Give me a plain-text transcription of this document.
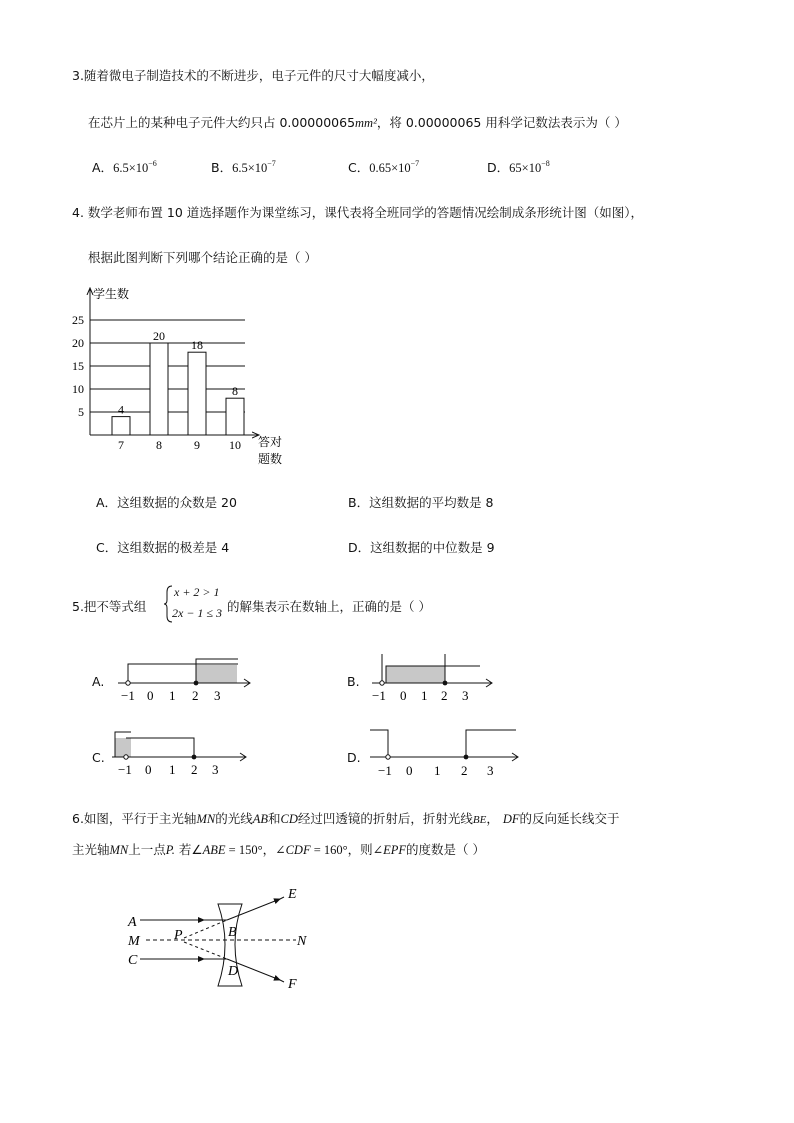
3.随着微电子制造技术的不断进步，电子元件的尺寸大幅度减小，
在芯片上的某种电子元件大约只占 0.00000065mm²，将 0.00000065 用科学记数法表示为（ ）
A．$6.5\times 10^{-6}$	B．$6.5\times 10^{-7}$	C．$0.65\times 10^{-7}$	D．$65\times 10^{-8}$
4. 数学老师布置 10 道选择题作为课堂练习，课代表将全班同学的答题情况绘制成条形统计图（如图），
根据此图判断下列哪个结论正确的是（ ）
5
10
15
20
25
4
7
20
8
18
9
8
10
学生数
答对
题数
A．这组数据的众数是 20	B．这组数据的平均数是 8
C．这组数据的极差是 4	D．这组数据的中位数是 9
5.把不等式组
x + 2 > 1
2x − 1 ≤ 3 的解集表示在数轴上，正确的是（ ）
A.
−1 0 1 2 3
B.
−1 0 1 2 3
C.
−1 0 1 2 3
D.
−1 0 1 2 3
6.如图，平行于主光轴MN的光线AB和CD经过凹透镜的折射后，折射光线BE， DF的反向延长线交于
主光轴MN上一点P. 若∠ABE = 150°，∠CDF = 160°，则∠EPF的度数是（ ）
A
M
C
P	B
D
E
N
F
